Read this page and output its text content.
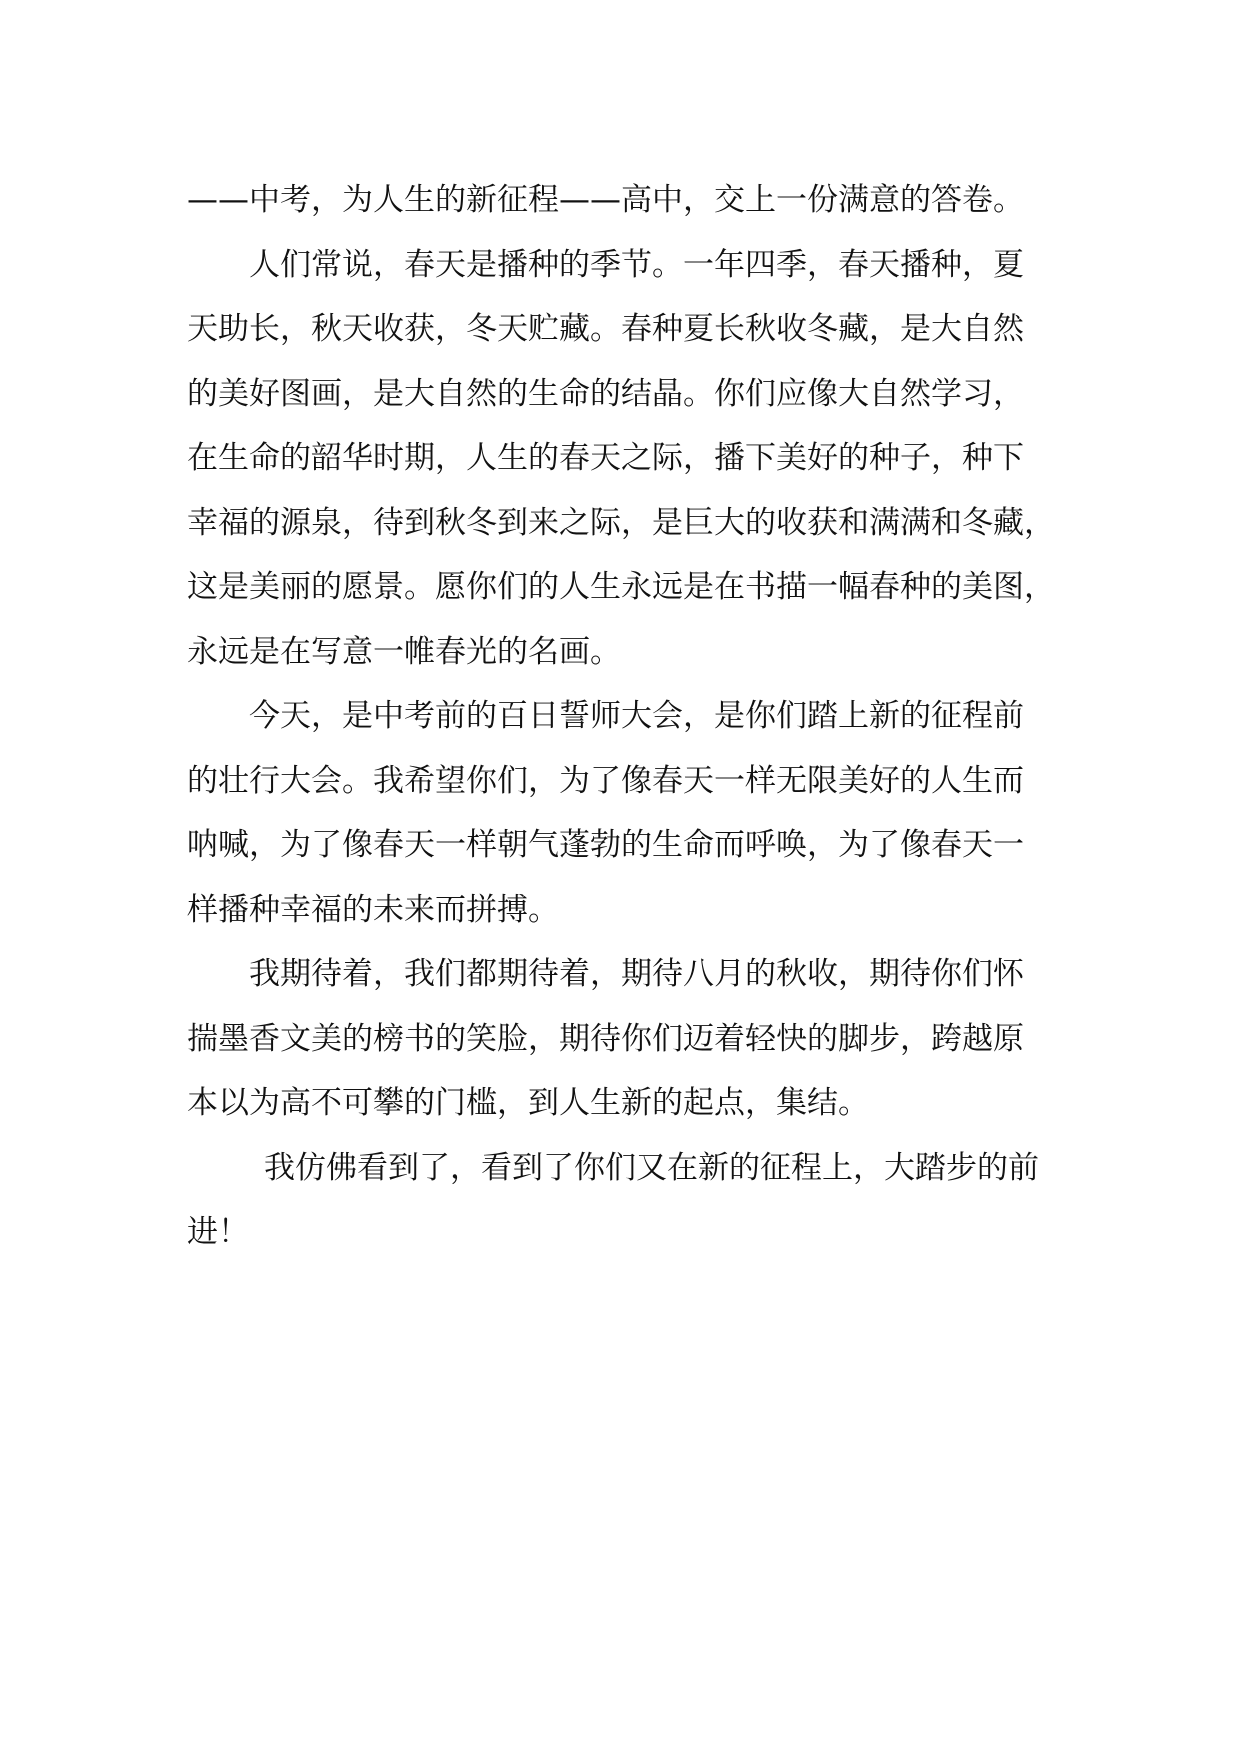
——中考，为人生的新征程——高中，交上一份满意的答卷。
人们常说，春天是播种的季节。一年四季，春天播种，夏
天助长，秋天收获，冬天贮藏。春种夏长秋收冬藏，是大自然
的美好图画，是大自然的生命的结晶。你们应像大自然学习，
在生命的韶华时期，人生的春天之际，播下美好的种子，种下
幸福的源泉，待到秋冬到来之际，是巨大的收获和满满和冬藏，
这是美丽的愿景。愿你们的人生永远是在书描一幅春种的美图，
永远是在写意一帷春光的名画。
今天，是中考前的百日誓师大会，是你们踏上新的征程前
的壮行大会。我希望你们，为了像春天一样无限美好的人生而
呐喊，为了像春天一样朝气蓬勃的生命而呼唤，为了像春天一
样播种幸福的未来而拼搏。
我期待着，我们都期待着，期待八月的秋收，期待你们怀
揣墨香文美的榜书的笑脸，期待你们迈着轻快的脚步，跨越原
本以为高不可攀的门槛，到人生新的起点，集结。
我仿佛看到了，看到了你们又在新的征程上，大踏步的前
进！
